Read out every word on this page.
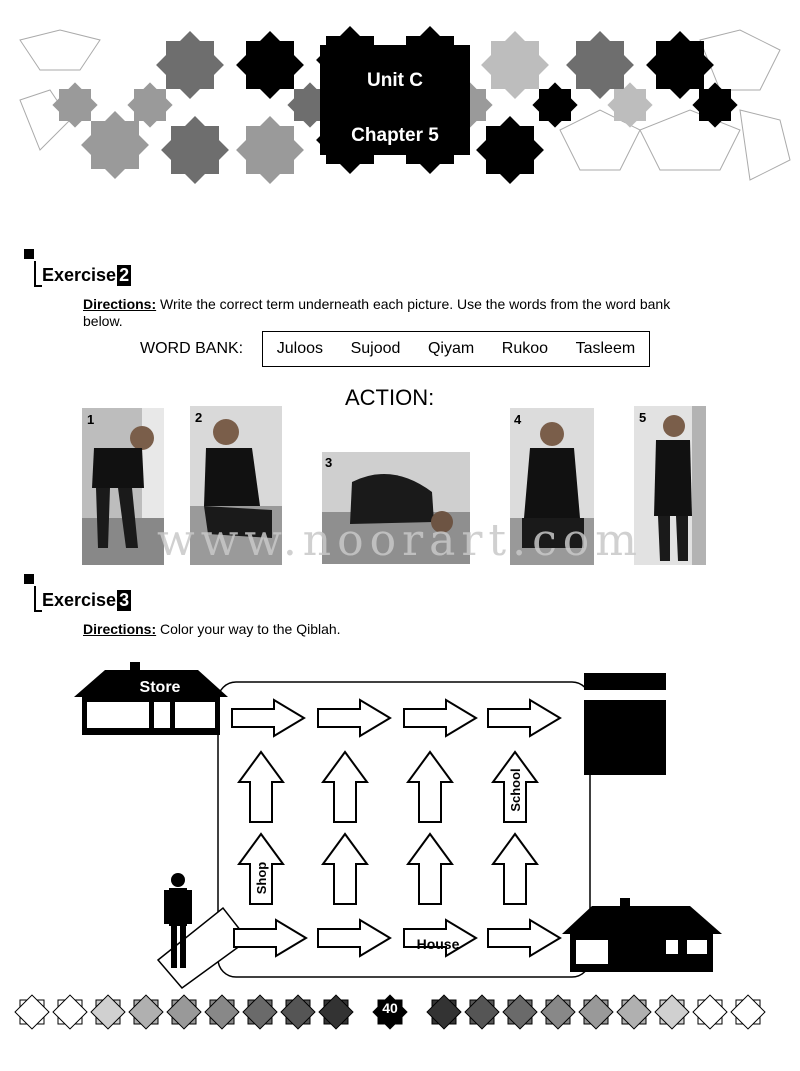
Unit C
Chapter 5
Exercise 2
Directions: Write the correct term underneath each picture. Use the words from the word bank below.
WORD BANK: Juloos Sujood Qiyam Rukoo Tasleem
ACTION:
1	2
3
4	5
www.noorart.com
Exercise 3
Directions: Color your way to the Qiblah.
Store
Shop
School
House
40
